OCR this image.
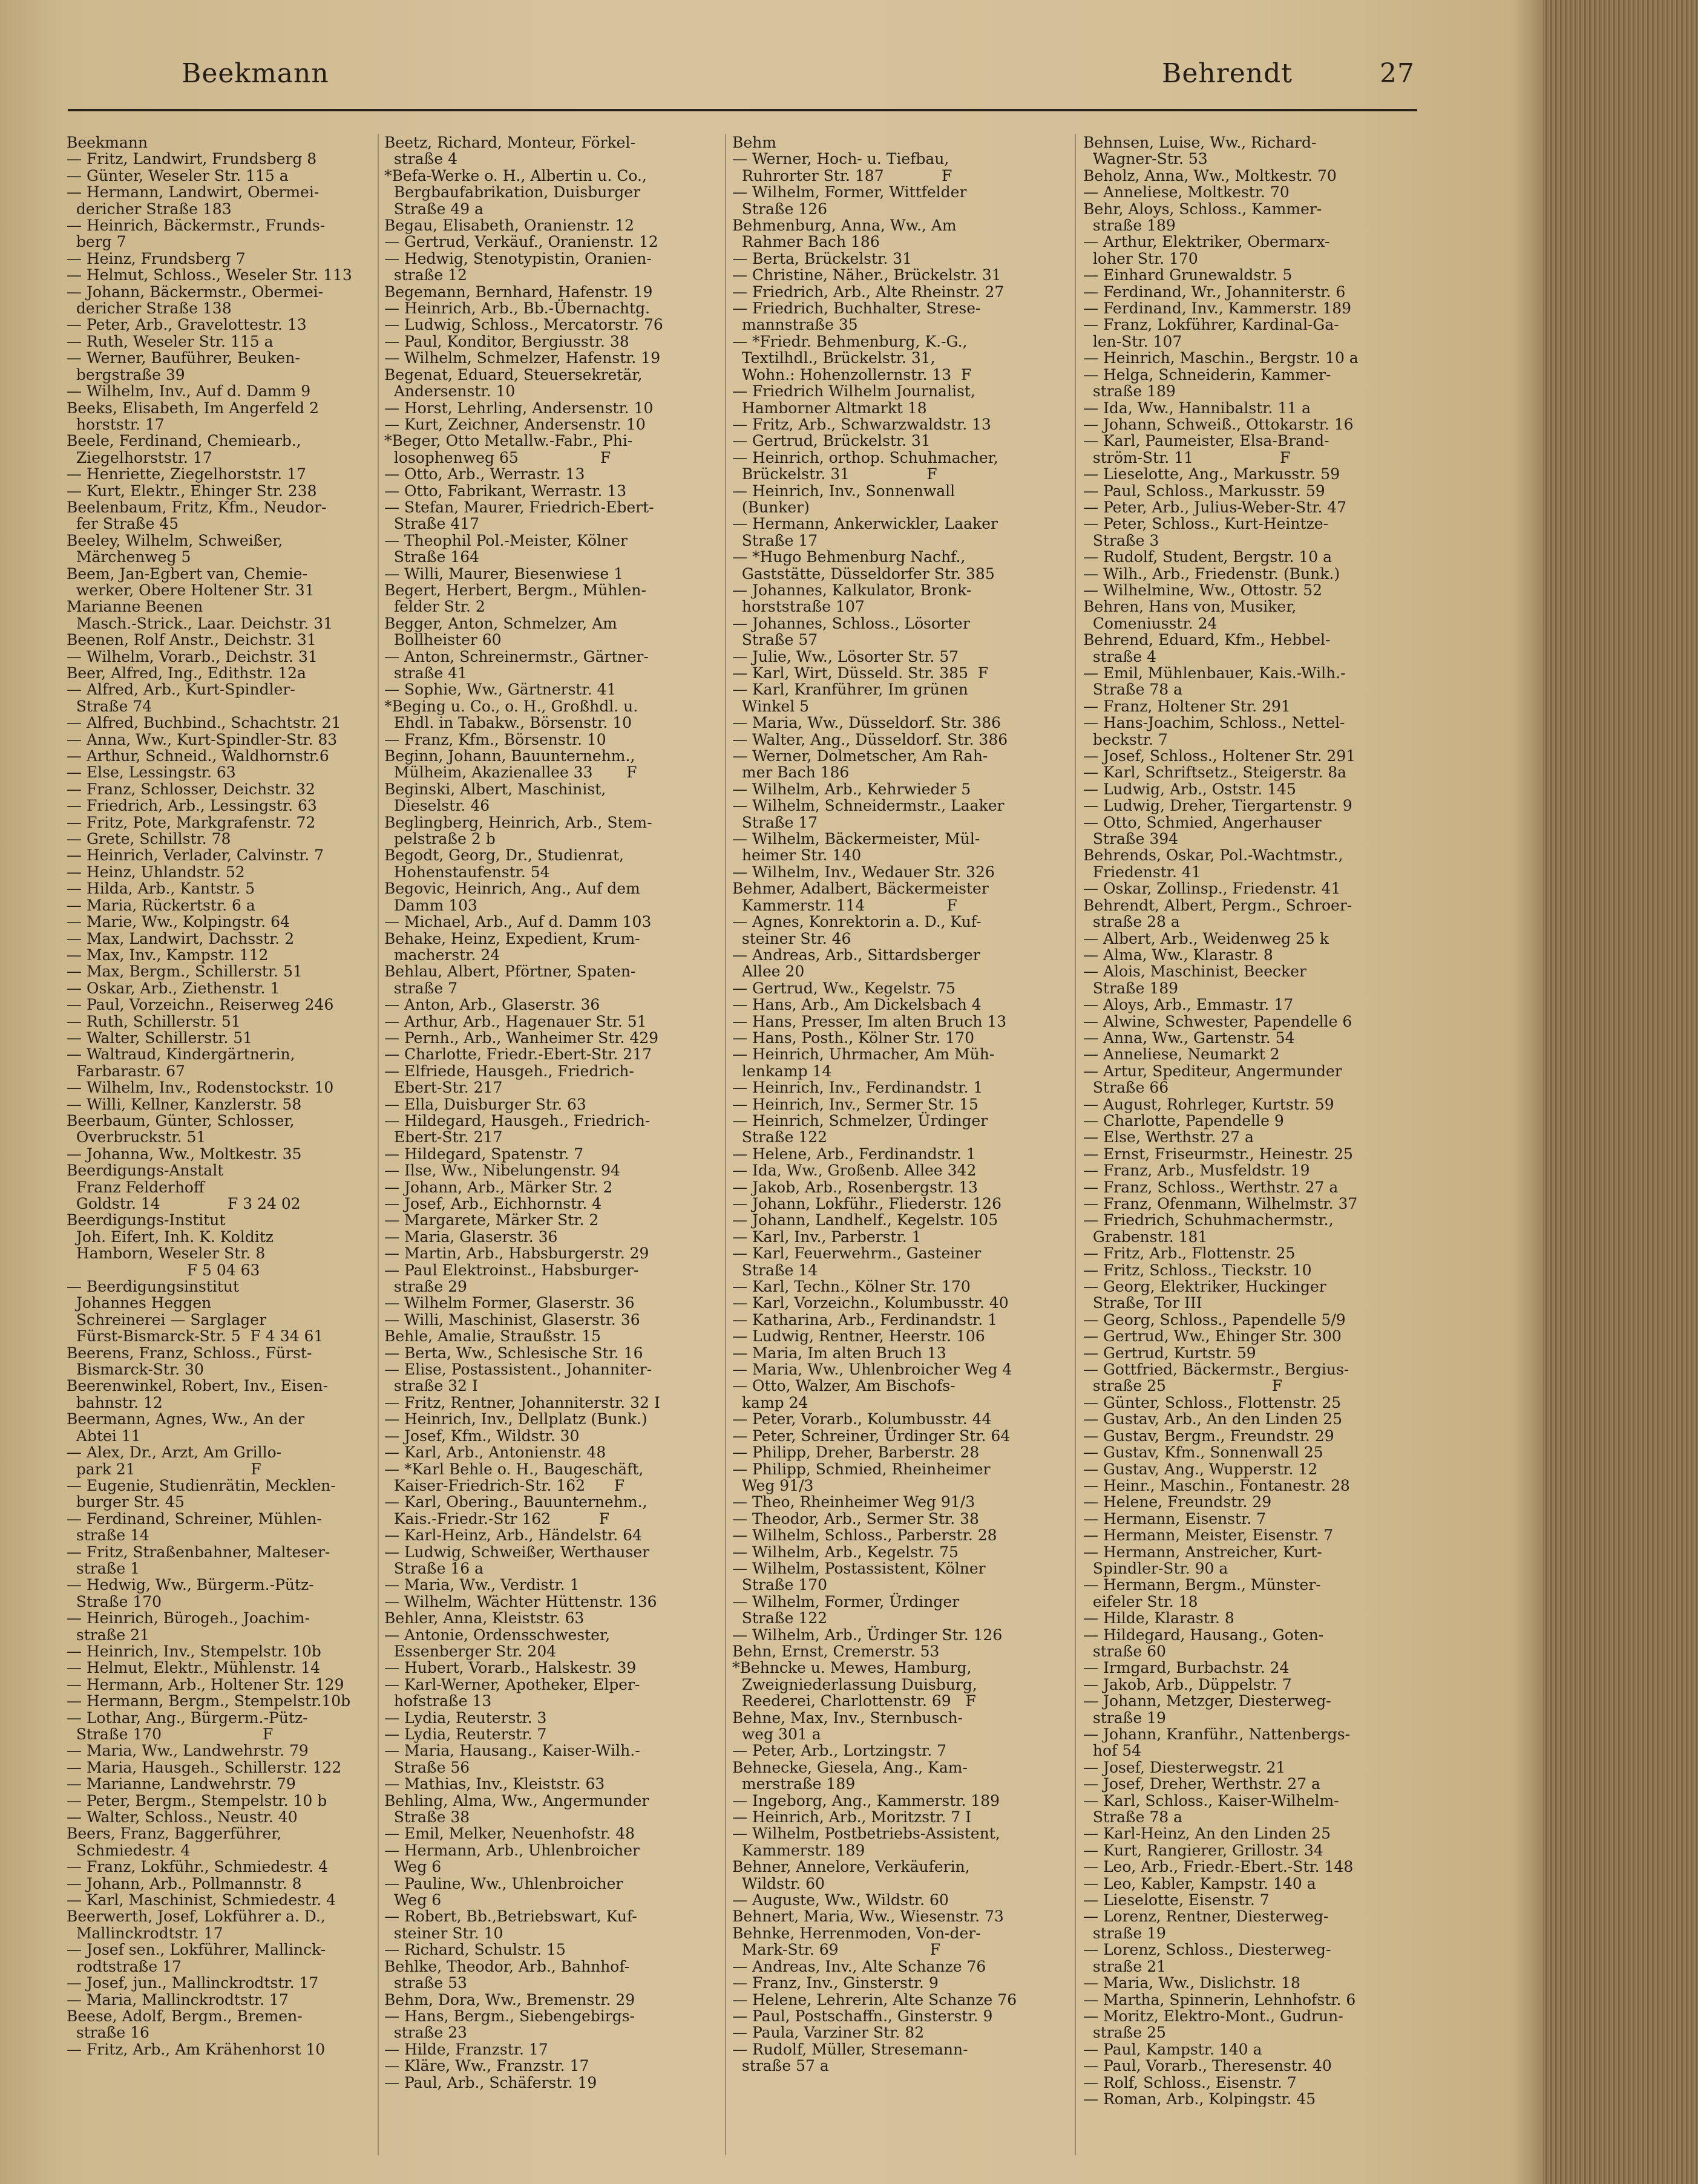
Beekmann	Behrendt	27
Beekmann
— Fritz, Landwirt, Frundsberg 8
— Günter, Weseler Str. 115 a
— Hermann, Landwirt, Obermei-
dericher Straße 183
— Heinrich, Bäckermstr., Frunds-
berg 7
— Heinz, Frundsberg 7
— Helmut, Schloss., Weseler Str. 113
— Johann, Bäckermstr., Obermei-
dericher Straße 138
— Peter, Arb., Gravelottestr. 13
— Ruth, Weseler Str. 115 a
— Werner, Bauführer, Beuken-
bergstraße 39
— Wilhelm, Inv., Auf d. Damm 9
Beeks, Elisabeth, Im Angerfeld 2
horststr. 17
Beele, Ferdinand, Chemiearb.,
Ziegelhorststr. 17
— Henriette, Ziegelhorststr. 17
— Kurt, Elektr., Ehinger Str. 238
Beelenbaum, Fritz, Kfm., Neudor-
fer Straße 45
Beeley, Wilhelm, Schweißer,
Märchenweg 5
Beem, Jan-Egbert van, Chemie-
werker, Obere Holtener Str. 31
Marianne Beenen
Masch.-Strick., Laar. Deichstr. 31
Beenen, Rolf Anstr., Deichstr. 31
— Wilhelm, Vorarb., Deichstr. 31
Beer, Alfred, Ing., Edithstr. 12a
— Alfred, Arb., Kurt-Spindler-
Straße 74
— Alfred, Buchbind., Schachtstr. 21
— Anna, Ww., Kurt-Spindler-Str. 83
— Arthur, Schneid., Waldhornstr.6
— Else, Lessingstr. 63
— Franz, Schlosser, Deichstr. 32
— Friedrich, Arb., Lessingstr. 63
— Fritz, Pote, Markgrafenstr. 72
— Grete, Schillstr. 78
— Heinrich, Verlader, Calvinstr. 7
— Heinz, Uhlandstr. 52
— Hilda, Arb., Kantstr. 5
— Maria, Rückertstr. 6 a
— Marie, Ww., Kolpingstr. 64
— Max, Landwirt, Dachsstr. 2
— Max, Inv., Kampstr. 112
— Max, Bergm., Schillerstr. 51
— Oskar, Arb., Ziethenstr. 1
— Paul, Vorzeichn., Reiserweg 246
— Ruth, Schillerstr. 51
— Walter, Schillerstr. 51
— Waltraud, Kindergärtnerin,
Farbarastr. 67
— Wilhelm, Inv., Rodenstockstr. 10
— Willi, Kellner, Kanzlerstr. 58
Beerbaum, Günter, Schlosser,
Overbruckstr. 51
— Johanna, Ww., Moltkestr. 35
Beerdigungs-Anstalt
Franz Felderhoff
Goldstr. 14              F 3 24 02
Beerdigungs-Institut
Joh. Eifert, Inh. K. Kolditz
Hamborn, Weseler Str. 8
F 5 04 63
— Beerdigungsinstitut
Johannes Heggen
Schreinerei — Sarglager
Fürst-Bismarck-Str. 5  F 4 34 61
Beerens, Franz, Schloss., Fürst-
Bismarck-Str. 30
Beerenwinkel, Robert, Inv., Eisen-
bahnstr. 12
Beermann, Agnes, Ww., An der
Abtei 11
— Alex, Dr., Arzt, Am Grillo-
park 21                        F
— Eugenie, Studienrätin, Mecklen-
burger Str. 45
— Ferdinand, Schreiner, Mühlen-
straße 14
— Fritz, Straßenbahner, Malteser-
straße 1
— Hedwig, Ww., Bürgerm.-Pütz-
Straße 170
— Heinrich, Bürogeh., Joachim-
straße 21
— Heinrich, Inv., Stempelstr. 10b
— Helmut, Elektr., Mühlenstr. 14
— Hermann, Arb., Holtener Str. 129
— Hermann, Bergm., Stempelstr.10b
— Lothar, Ang., Bürgerm.-Pütz-
Straße 170                     F
— Maria, Ww., Landwehrstr. 79
— Maria, Hausgeh., Schillerstr. 122
— Marianne, Landwehrstr. 79
— Peter, Bergm., Stempelstr. 10 b
— Walter, Schloss., Neustr. 40
Beers, Franz, Baggerführer,
Schmiedestr. 4
— Franz, Lokführ., Schmiedestr. 4
— Johann, Arb., Pollmannstr. 8
— Karl, Maschinist, Schmiedestr. 4
Beerwerth, Josef, Lokführer a. D.,
Mallinckrodtstr. 17
— Josef sen., Lokführer, Mallinck-
rodtstraße 17
— Josef, jun., Mallinckrodtstr. 17
— Maria, Mallinckrodtstr. 17
Beese, Adolf, Bergm., Bremen-
straße 16
— Fritz, Arb., Am Krähenhorst 10
Beetz, Richard, Monteur, Förkel-
straße 4
*Befa-Werke o. H., Albertin u. Co.,
Bergbaufabrikation, Duisburger
Straße 49 a
Begau, Elisabeth, Oranienstr. 12
— Gertrud, Verkäuf., Oranienstr. 12
— Hedwig, Stenotypistin, Oranien-
straße 12
Begemann, Bernhard, Hafenstr. 19
— Heinrich, Arb., Bb.-Übernachtg.
— Ludwig, Schloss., Mercatorstr. 76
— Paul, Konditor, Bergiusstr. 38
— Wilhelm, Schmelzer, Hafenstr. 19
Begenat, Eduard, Steuersekretär,
Andersenstr. 10
— Horst, Lehrling, Andersenstr. 10
— Kurt, Zeichner, Andersenstr. 10
*Beger, Otto Metallw.-Fabr., Phi-
losophenweg 65                 F
— Otto, Arb., Werrastr. 13
— Otto, Fabrikant, Werrastr. 13
— Stefan, Maurer, Friedrich-Ebert-
Straße 417
— Theophil Pol.-Meister, Kölner
Straße 164
— Willi, Maurer, Biesenwiese 1
Begert, Herbert, Bergm., Mühlen-
felder Str. 2
Begger, Anton, Schmelzer, Am
Bollheister 60
— Anton, Schreinermstr., Gärtner-
straße 41
— Sophie, Ww., Gärtnerstr. 41
*Beging u. Co., o. H., Großhdl. u.
Ehdl. in Tabakw., Börsenstr. 10
— Franz, Kfm., Börsenstr. 10
Beginn, Johann, Bauunternehm.,
Mülheim, Akazienallee 33       F
Beginski, Albert, Maschinist,
Dieselstr. 46
Beglingberg, Heinrich, Arb., Stem-
pelstraße 2 b
Begodt, Georg, Dr., Studienrat,
Hohenstaufenstr. 54
Begovic, Heinrich, Ang., Auf dem
Damm 103
— Michael, Arb., Auf d. Damm 103
Behake, Heinz, Expedient, Krum-
macherstr. 24
Behlau, Albert, Pförtner, Spaten-
straße 7
— Anton, Arb., Glaserstr. 36
— Arthur, Arb., Hagenauer Str. 51
— Pernh., Arb., Wanheimer Str. 429
— Charlotte, Friedr.-Ebert-Str. 217
— Elfriede, Hausgeh., Friedrich-
Ebert-Str. 217
— Ella, Duisburger Str. 63
— Hildegard, Hausgeh., Friedrich-
Ebert-Str. 217
— Hildegard, Spatenstr. 7
— Ilse, Ww., Nibelungenstr. 94
— Johann, Arb., Märker Str. 2
— Josef, Arb., Eichhornstr. 4
— Margarete, Märker Str. 2
— Maria, Glaserstr. 36
— Martin, Arb., Habsburgerstr. 29
— Paul Elektroinst., Habsburger-
straße 29
— Wilhelm Former, Glaserstr. 36
— Willi, Maschinist, Glaserstr. 36
Behle, Amalie, Straußstr. 15
— Berta, Ww., Schlesische Str. 16
— Elise, Postassistent., Johanniter-
straße 32 I
— Fritz, Rentner, Johanniterstr. 32 I
— Heinrich, Inv., Dellplatz (Bunk.)
— Josef, Kfm., Wildstr. 30
— Karl, Arb., Antonienstr. 48
— *Karl Behle o. H., Baugeschäft,
Kaiser-Friedrich-Str. 162      F
— Karl, Obering., Bauunternehm.,
Kais.-Friedr.-Str 162          F
— Karl-Heinz, Arb., Händelstr. 64
— Ludwig, Schweißer, Werthauser
Straße 16 a
— Maria, Ww., Verdistr. 1
— Wilhelm, Wächter Hüttenstr. 136
Behler, Anna, Kleiststr. 63
— Antonie, Ordensschwester,
Essenberger Str. 204
— Hubert, Vorarb., Halskestr. 39
— Karl-Werner, Apotheker, Elper-
hofstraße 13
— Lydia, Reuterstr. 3
— Lydia, Reuterstr. 7
— Maria, Hausang., Kaiser-Wilh.-
Straße 56
— Mathias, Inv., Kleiststr. 63
Behling, Alma, Ww., Angermunder
Straße 38
— Emil, Melker, Neuenhofstr. 48
— Hermann, Arb., Uhlenbroicher
Weg 6
— Pauline, Ww., Uhlenbroicher
Weg 6
— Robert, Bb.,Betriebswart, Kuf-
steiner Str. 10
— Richard, Schulstr. 15
Behlke, Theodor, Arb., Bahnhof-
straße 53
Behm, Dora, Ww., Bremenstr. 29
— Hans, Bergm., Siebengebirgs-
straße 23
— Hilde, Franzstr. 17
— Kläre, Ww., Franzstr. 17
— Paul, Arb., Schäferstr. 19
Behm
— Werner, Hoch- u. Tiefbau,
Ruhrorter Str. 187            F
— Wilhelm, Former, Wittfelder
Straße 126
Behmenburg, Anna, Ww., Am
Rahmer Bach 186
— Berta, Brückelstr. 31
— Christine, Näher., Brückelstr. 31
— Friedrich, Arb., Alte Rheinstr. 27
— Friedrich, Buchhalter, Strese-
mannstraße 35
— *Friedr. Behmenburg, K.-G.,
Textilhdl., Brückelstr. 31,
Wohn.: Hohenzollernstr. 13  F
— Friedrich Wilhelm Journalist,
Hamborner Altmarkt 18
— Fritz, Arb., Schwarzwaldstr. 13
— Gertrud, Brückelstr. 31
— Heinrich, orthop. Schuhmacher,
Brückelstr. 31                F
— Heinrich, Inv., Sonnenwall
(Bunker)
— Hermann, Ankerwickler, Laaker
Straße 17
— *Hugo Behmenburg Nachf.,
Gaststätte, Düsseldorfer Str. 385
— Johannes, Kalkulator, Bronk-
horststraße 107
— Johannes, Schloss., Lösorter
Straße 57
— Julie, Ww., Lösorter Str. 57
— Karl, Wirt, Düsseld. Str. 385  F
— Karl, Kranführer, Im grünen
Winkel 5
— Maria, Ww., Düsseldorf. Str. 386
— Walter, Ang., Düsseldorf. Str. 386
— Werner, Dolmetscher, Am Rah-
mer Bach 186
— Wilhelm, Arb., Kehrwieder 5
— Wilhelm, Schneidermstr., Laaker
Straße 17
— Wilhelm, Bäckermeister, Mül-
heimer Str. 140
— Wilhelm, Inv., Wedauer Str. 326
Behmer, Adalbert, Bäckermeister
Kammerstr. 114                 F
— Agnes, Konrektorin a. D., Kuf-
steiner Str. 46
— Andreas, Arb., Sittardsberger
Allee 20
— Gertrud, Ww., Kegelstr. 75
— Hans, Arb., Am Dickelsbach 4
— Hans, Presser, Im alten Bruch 13
— Hans, Posth., Kölner Str. 170
— Heinrich, Uhrmacher, Am Müh-
lenkamp 14
— Heinrich, Inv., Ferdinandstr. 1
— Heinrich, Inv., Sermer Str. 15
— Heinrich, Schmelzer, Ürdinger
Straße 122
— Helene, Arb., Ferdinandstr. 1
— Ida, Ww., Großenb. Allee 342
— Jakob, Arb., Rosenbergstr. 13
— Johann, Lokführ., Fliederstr. 126
— Johann, Landhelf., Kegelstr. 105
— Karl, Inv., Parberstr. 1
— Karl, Feuerwehrm., Gasteiner
Straße 14
— Karl, Techn., Kölner Str. 170
— Karl, Vorzeichn., Kolumbusstr. 40
— Katharina, Arb., Ferdinandstr. 1
— Ludwig, Rentner, Heerstr. 106
— Maria, Im alten Bruch 13
— Maria, Ww., Uhlenbroicher Weg 4
— Otto, Walzer, Am Bischofs-
kamp 24
— Peter, Vorarb., Kolumbusstr. 44
— Peter, Schreiner, Ürdinger Str. 64
— Philipp, Dreher, Barberstr. 28
— Philipp, Schmied, Rheinheimer
Weg 91/3
— Theo, Rheinheimer Weg 91/3
— Theodor, Arb., Sermer Str. 38
— Wilhelm, Schloss., Parberstr. 28
— Wilhelm, Arb., Kegelstr. 75
— Wilhelm, Postassistent, Kölner
Straße 170
— Wilhelm, Former, Ürdinger
Straße 122
— Wilhelm, Arb., Ürdinger Str. 126
Behn, Ernst, Cremerstr. 53
*Behncke u. Mewes, Hamburg,
Zweigniederlassung Duisburg,
Reederei, Charlottenstr. 69   F
Behne, Max, Inv., Sternbusch-
weg 301 a
— Peter, Arb., Lortzingstr. 7
Behnecke, Giesela, Ang., Kam-
merstraße 189
— Ingeborg, Ang., Kammerstr. 189
— Heinrich, Arb., Moritzstr. 7 I
— Wilhelm, Postbetriebs-Assistent,
Kammerstr. 189
Behner, Annelore, Verkäuferin,
Wildstr. 60
— Auguste, Ww., Wildstr. 60
Behnert, Maria, Ww., Wiesenstr. 73
Behnke, Herrenmoden, Von-der-
Mark-Str. 69                   F
— Andreas, Inv., Alte Schanze 76
— Franz, Inv., Ginsterstr. 9
— Helene, Lehrerin, Alte Schanze 76
— Paul, Postschaffn., Ginsterstr. 9
— Paula, Varziner Str. 82
— Rudolf, Müller, Stresemann-
straße 57 a
Behnsen, Luise, Ww., Richard-
Wagner-Str. 53
Beholz, Anna, Ww., Moltkestr. 70
— Anneliese, Moltkestr. 70
Behr, Aloys, Schloss., Kammer-
straße 189
— Arthur, Elektriker, Obermarx-
loher Str. 170
— Einhard Grunewaldstr. 5
— Ferdinand, Wr., Johanniterstr. 6
— Ferdinand, Inv., Kammerstr. 189
— Franz, Lokführer, Kardinal-Ga-
len-Str. 107
— Heinrich, Maschin., Bergstr. 10 a
— Helga, Schneiderin, Kammer-
straße 189
— Ida, Ww., Hannibalstr. 11 a
— Johann, Schweiß., Ottokarstr. 16
— Karl, Paumeister, Elsa-Brand-
ström-Str. 11                  F
— Lieselotte, Ang., Markusstr. 59
— Paul, Schloss., Markusstr. 59
— Peter, Arb., Julius-Weber-Str. 47
— Peter, Schloss., Kurt-Heintze-
Straße 3
— Rudolf, Student, Bergstr. 10 a
— Wilh., Arb., Friedenstr. (Bunk.)
— Wilhelmine, Ww., Ottostr. 52
Behren, Hans von, Musiker,
Comeniusstr. 24
Behrend, Eduard, Kfm., Hebbel-
straße 4
— Emil, Mühlenbauer, Kais.-Wilh.-
Straße 78 a
— Franz, Holtener Str. 291
— Hans-Joachim, Schloss., Nettel-
beckstr. 7
— Josef, Schloss., Holtener Str. 291
— Karl, Schriftsetz., Steigerstr. 8a
— Ludwig, Arb., Oststr. 145
— Ludwig, Dreher, Tiergartenstr. 9
— Otto, Schmied, Angerhauser
Straße 394
Behrends, Oskar, Pol.-Wachtmstr.,
Friedenstr. 41
— Oskar, Zollinsp., Friedenstr. 41
Behrendt, Albert, Pergm., Schroer-
straße 28 a
— Albert, Arb., Weidenweg 25 k
— Alma, Ww., Klarastr. 8
— Alois, Maschinist, Beecker
Straße 189
— Aloys, Arb., Emmastr. 17
— Alwine, Schwester, Papendelle 6
— Anna, Ww., Gartenstr. 54
— Anneliese, Neumarkt 2
— Artur, Spediteur, Angermunder
Straße 66
— August, Rohrleger, Kurtstr. 59
— Charlotte, Papendelle 9
— Else, Werthstr. 27 a
— Ernst, Friseurmstr., Heinestr. 25
— Franz, Arb., Musfeldstr. 19
— Franz, Schloss., Werthstr. 27 a
— Franz, Ofenmann, Wilhelmstr. 37
— Friedrich, Schuhmachermstr.,
Grabenstr. 181
— Fritz, Arb., Flottenstr. 25
— Fritz, Schloss., Tieckstr. 10
— Georg, Elektriker, Huckinger
Straße, Tor III
— Georg, Schloss., Papendelle 5/9
— Gertrud, Ww., Ehinger Str. 300
— Gertrud, Kurtstr. 59
— Gottfried, Bäckermstr., Bergius-
straße 25                      F
— Günter, Schloss., Flottenstr. 25
— Gustav, Arb., An den Linden 25
— Gustav, Bergm., Freundstr. 29
— Gustav, Kfm., Sonnenwall 25
— Gustav, Ang., Wupperstr. 12
— Heinr., Maschin., Fontanestr. 28
— Helene, Freundstr. 29
— Hermann, Eisenstr. 7
— Hermann, Meister, Eisenstr. 7
— Hermann, Anstreicher, Kurt-
Spindler-Str. 90 a
— Hermann, Bergm., Münster-
eifeler Str. 18
— Hilde, Klarastr. 8
— Hildegard, Hausang., Goten-
straße 60
— Irmgard, Burbachstr. 24
— Jakob, Arb., Düppelstr. 7
— Johann, Metzger, Diesterweg-
straße 19
— Johann, Kranführ., Nattenbergs-
hof 54
— Josef, Diesterwegstr. 21
— Josef, Dreher, Werthstr. 27 a
— Karl, Schloss., Kaiser-Wilhelm-
Straße 78 a
— Karl-Heinz, An den Linden 25
— Kurt, Rangierer, Grillostr. 34
— Leo, Arb., Friedr.-Ebert.-Str. 148
— Leo, Kabler, Kampstr. 140 a
— Lieselotte, Eisenstr. 7
— Lorenz, Rentner, Diesterweg-
straße 19
— Lorenz, Schloss., Diesterweg-
straße 21
— Maria, Ww., Dislichstr. 18
— Martha, Spinnerin, Lehnhofstr. 6
— Moritz, Elektro-Mont., Gudrun-
straße 25
— Paul, Kampstr. 140 a
— Paul, Vorarb., Theresenstr. 40
— Rolf, Schloss., Eisenstr. 7
— Roman, Arb., Kolpingstr. 45
